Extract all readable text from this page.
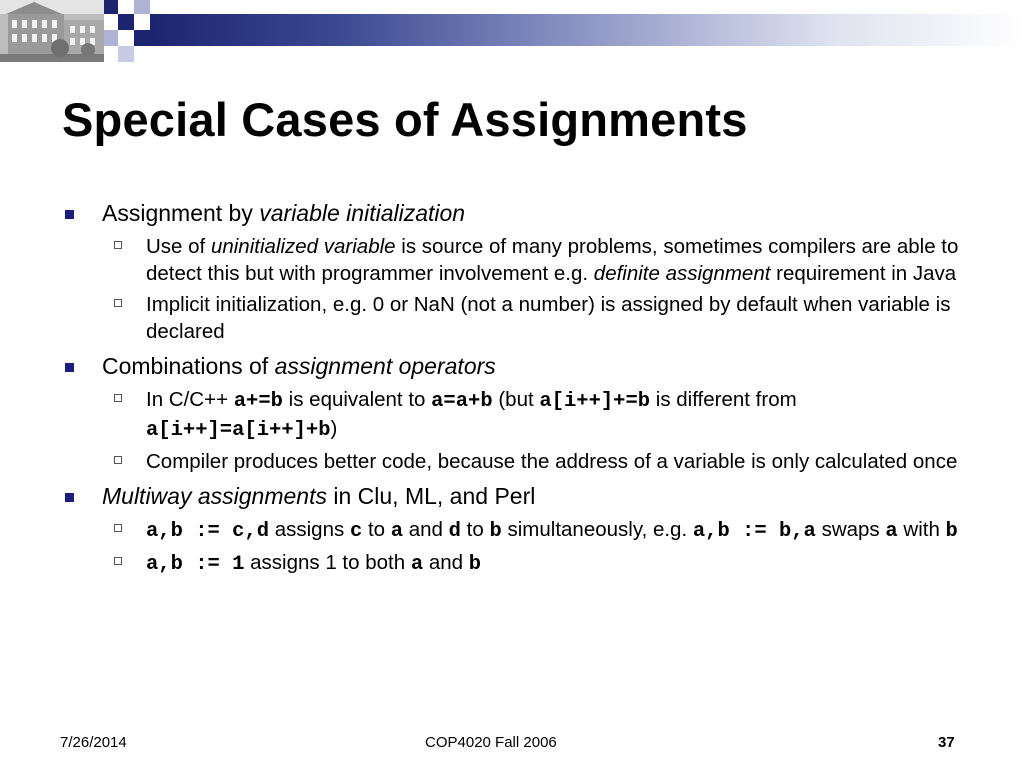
Special Cases of Assignments
Assignment by variable initialization
Use of uninitialized variable is source of many problems, sometimes compilers are able to detect this but with programmer involvement e.g. definite assignment requirement in Java
Implicit initialization, e.g. 0 or NaN (not a number) is assigned by default when variable is declared
Combinations of assignment operators
In C/C++ a+=b is equivalent to a=a+b (but a[i++]+=b is different from a[i++]=a[i++]+b)
Compiler produces better code, because the address of a variable is only calculated once
Multiway assignments in Clu, ML, and Perl
a,b := c,d assigns c to a and d to b simultaneously, e.g. a,b := b,a swaps a with b
a,b := 1 assigns 1 to both a and b
7/26/2014	COP4020 Fall 2006	37
